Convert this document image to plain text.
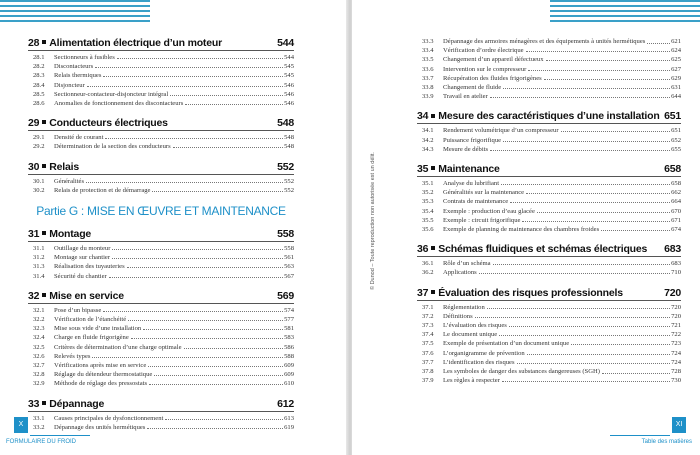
28 Alimentation électrique d’un moteur	544
28.1	Sectionneurs à fusibles	544
28.2	Discontacteurs	545
28.3	Relais thermiques	545
28.4	Disjoncteur	546
28.5	Sectionneur-contacteur-disjoncteur intégral	546
28.6	Anomalies de fonctionnement des discontacteurs	546
29 Conducteurs électriques	548
29.1	Densité de courant	548
29.2	Détermination de la section des conducteurs	548
30 Relais	552
30.1	Généralités	552
30.2	Relais de protection et de démarrage	552
Partie G : MISE EN ŒUVRE ET MAINTENANCE
31 Montage	558
31.1	Outillage du monteur	558
31.2	Montage sur chantier	561
31.3	Réalisation des tuyauteries	563
31.4	Sécurité du chantier	567
32 Mise en service	569
32.1	Pose d’un bipasse	574
32.2	Vérification de l’étanchéité	577
32.3	Mise sous vide d’une installation	581
32.4	Charge en fluide frigorigène	583
32.5	Critères de détermination d’une charge optimale	586
32.6	Relevés types	588
32.7	Vérifications après mise en service	609
32.8	Réglage du détendeur thermostatique	609
32.9	Méthode de réglage des pressostats	610
33 Dépannage	612
33.1	Causes principales de dysfonctionnement	613
33.2	Dépannage des unités hermétiques	619
X
FORMULAIRE DU FROID
© Dunod – Toute reproduction non autorisée est un délit.
33.3	Dépannage des armoires ménagères et des équipements à unités hermétiques	621
33.4	Vérification d’ordre électrique	624
33.5	Changement d’un appareil défectueux	625
33.6	Intervention sur le compresseur	627
33.7	Récupération des fluides frigorigènes	629
33.8	Changement de fluide	631
33.9	Travail en atelier	644
34 Mesure des caractéristiques d’une installation 651
34.1	Rendement volumétrique d’un compresseur	651
34.2	Puissance frigorifique	652
34.3	Mesure de débits	655
35 Maintenance	658
35.1	Analyse du lubrifiant	658
35.2	Généralités sur la maintenance	662
35.3	Contrats de maintenance	664
35.4	Exemple : production d’eau glacée	670
35.5	Exemple : circuit frigorifique	671
35.6	Exemple de planning de maintenance des chambres froides	674
36 Schémas fluidiques et schémas électriques 683
36.1	Rôle d’un schéma	683
36.2	Applications	710
37 Évaluation des risques professionnels	720
37.1	Réglementation	720
37.2	Définitions	720
37.3	L’évaluation des risques	721
37.4	Le document unique	722
37.5	Exemple de présentation d’un document unique	723
37.6	L’organigramme de prévention	724
37.7	L’identification des risques	724
37.8	Les symboles de danger des substances dangereuses (SGH)	728
37.9	Les règles à respecter	730
XI
Table des matières
